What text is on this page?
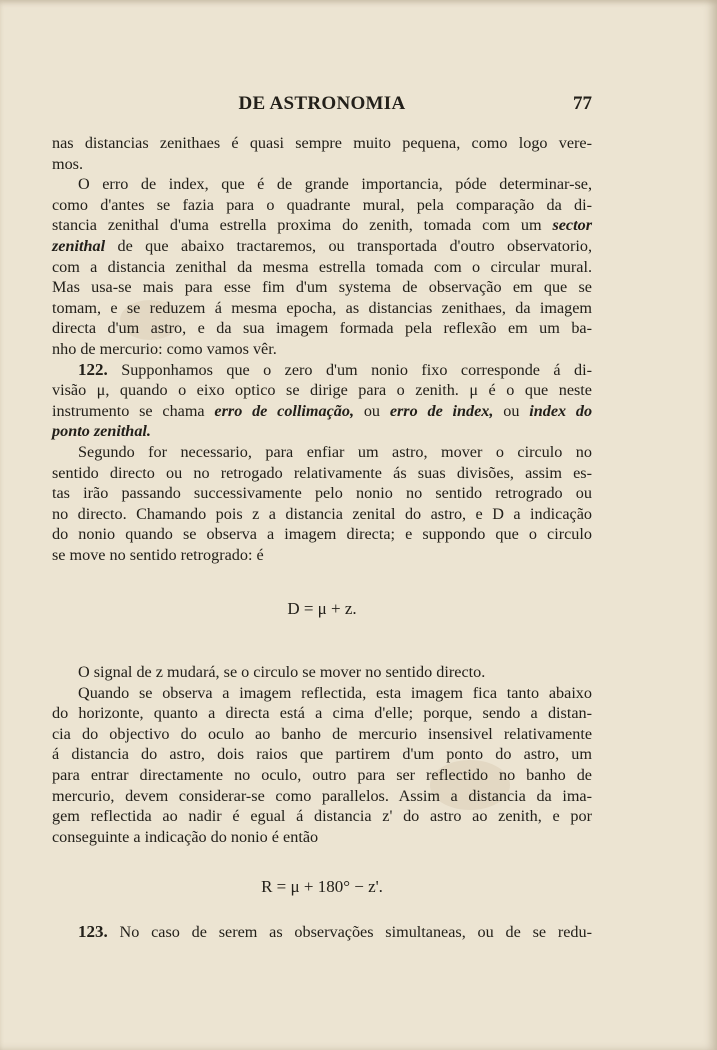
DE ASTRONOMIA	77
nas distancias zenithaes é quasi sempre muito pequena, como logo vere-
mos.
O erro de index, que é de grande importancia, póde determinar-se,
como d'antes se fazia para o quadrante mural, pela comparação da di-
stancia zenithal d'uma estrella proxima do zenith, tomada com um sector
zenithal de que abaixo tractaremos, ou transportada d'outro observatorio,
com a distancia zenithal da mesma estrella tomada com o circular mural.
Mas usa-se mais para esse fim d'um systema de observação em que se
tomam, e se reduzem á mesma epocha, as distancias zenithaes, da imagem
directa d'um astro, e da sua imagem formada pela reflexão em um ba-
nho de mercurio: como vamos vêr.
122. Supponhamos que o zero d'um nonio fixo corresponde á di-
visão μ, quando o eixo optico se dirige para o zenith. μ é o que neste
instrumento se chama erro de collimação, ou erro de index, ou index do
ponto zenithal.
Segundo for necessario, para enfiar um astro, mover o circulo no
sentido directo ou no retrogado relativamente ás suas divisões, assim es-
tas irão passando successivamente pelo nonio no sentido retrogrado ou
no directo. Chamando pois z a distancia zenital do astro, e D a indicação
do nonio quando se observa a imagem directa; e suppondo que o circulo
se move no sentido retrogrado: é
D = μ + z.
O signal de z mudará, se o circulo se mover no sentido directo.
Quando se observa a imagem reflectida, esta imagem fica tanto abaixo
do horizonte, quanto a directa está a cima d'elle; porque, sendo a distan-
cia do objectivo do oculo ao banho de mercurio insensivel relativamente
á distancia do astro, dois raios que partirem d'um ponto do astro, um
para entrar directamente no oculo, outro para ser reflectido no banho de
mercurio, devem considerar-se como parallelos. Assim a distancia da ima-
gem reflectida ao nadir é egual á distancia z' do astro ao zenith, e por
conseguinte a indicação do nonio é então
R = μ + 180° − z'.
123. No caso de serem as observações simultaneas, ou de se redu-
